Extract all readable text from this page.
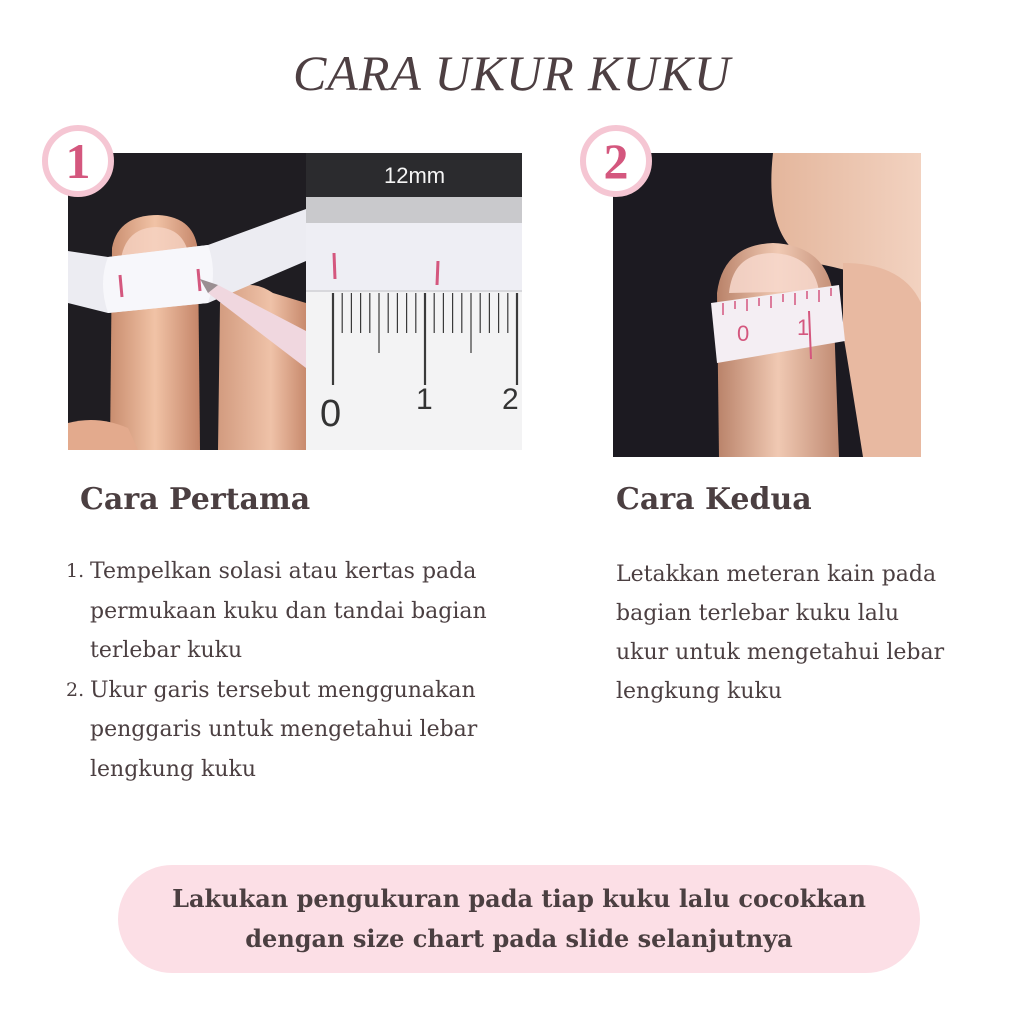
CARA UKUR KUKU
12mm
0 1 2
0 1
1	2
Cara Pertama	Cara Kedua
1. Tempelkan solasi atau kertas pada permukaan kuku dan tandai bagian terlebar kuku
2. Ukur garis tersebut menggunakan penggaris untuk mengetahui lebar lengkung kuku
Letakkan meteran kain pada bagian terlebar kuku lalu ukur untuk mengetahui lebar lengkung kuku
Lakukan pengukuran pada tiap kuku lalu cocokkan
dengan size chart pada slide selanjutnya
